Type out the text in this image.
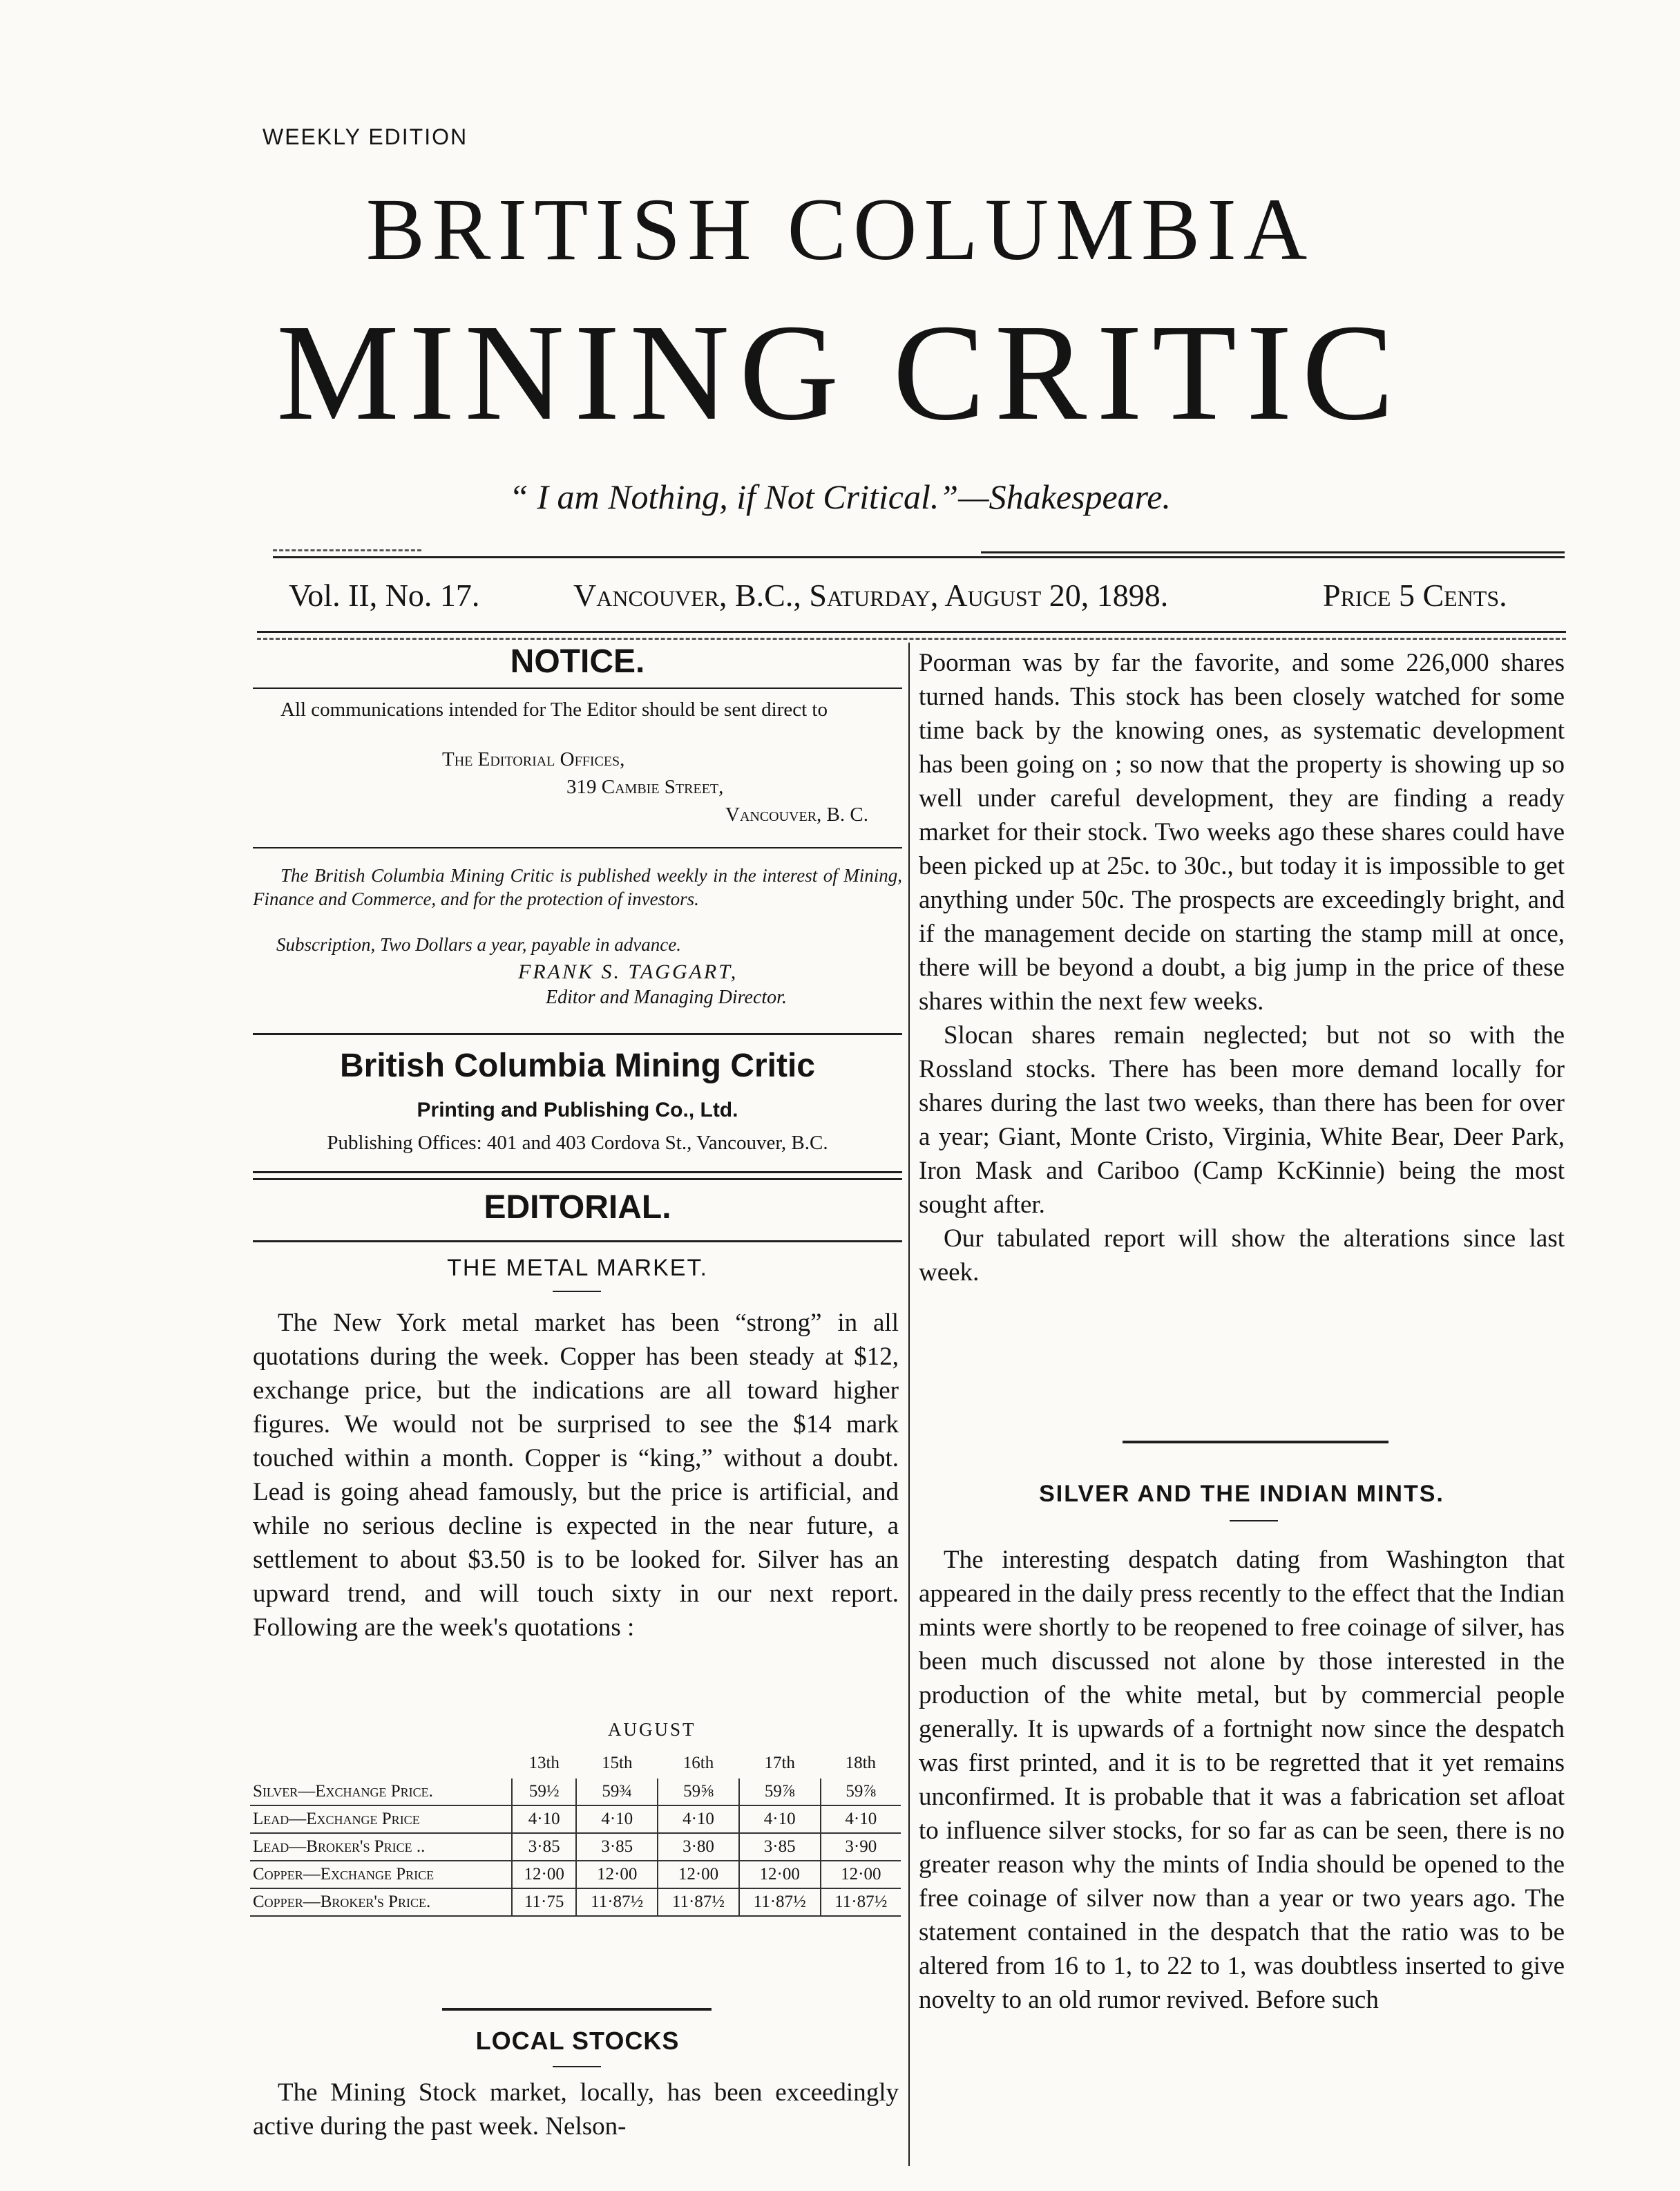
WEEKLY EDITION
BRITISH COLUMBIA
MINING CRITIC
“ I am Nothing, if Not Critical.”—Shakespeare.
Vol. II, No. 17.	Vancouver, B.C., Saturday, August 20, 1898.	Price 5 Cents.
NOTICE.
All communications intended for The Editor should be sent direct to
The Editorial Offices,
319 Cambie Street,
Vancouver, B. C.
The British Columbia Mining Critic is published weekly in the interest of Mining, Finance and Commerce, and for the protection of investors.
Subscription, Two Dollars a year, payable in advance.
FRANK S. TAGGART,
Editor and Managing Director.
British Columbia Mining Critic
Printing and Publishing Co., Ltd.
Publishing Offices: 401 and 403 Cordova St., Vancouver, B.C.
EDITORIAL.
THE METAL MARKET.

The New York metal market has been “strong” in all quotations during the week. Copper has been steady at $12, exchange price, but the indications are all toward higher figures. We would not be surprised to see the $14 mark touched within a month. Copper is “king,” without a doubt. Lead is going ahead famously, but the price is artificial, and while no serious decline is expected in the near future, a settlement to about $3.50 is to be looked for. Silver has an upward trend, and will touch sixty in our next report. Following are the week's quotations :

AUGUST
	13th	15th	16th	17th	18th
Silver—Exchange Price.	59½	59¾	59⅝	59⅞	59⅞
Lead—Exchange Price	4·10	4·10	4·10	4·10	4·10
Lead—Broker's Price ..	3·85	3·85	3·80	3·85	3·90
Copper—Exchange Price	12·00	12·00	12·00	12·00	12·00
Copper—Broker's Price.	11·75	11·87½	11·87½	11·87½	11·87½
LOCAL STOCKS

The Mining Stock market, locally, has been exceedingly active during the past week. Nelson-

Poorman was by far the favorite, and some 226,000 shares turned hands. This stock has been closely watched for some time back by the knowing ones, as systematic development has been going on ; so now that the property is showing up so well under careful development, they are finding a ready market for their stock. Two weeks ago these shares could have been picked up at 25c. to 30c., but today it is impossible to get anything under 50c. The prospects are exceedingly bright, and if the management decide on starting the stamp mill at once, there will be beyond a doubt, a big jump in the price of these shares within the next few weeks.

Slocan shares remain neglected; but not so with the Rossland stocks. There has been more demand locally for shares during the last two weeks, than there has been for over a year; Giant, Monte Cristo, Virginia, White Bear, Deer Park, Iron Mask and Cariboo (Camp KcKinnie) being the most sought after.

Our tabulated report will show the alterations since last week.

SILVER AND THE INDIAN MINTS.

The interesting despatch dating from Washington that appeared in the daily press recently to the effect that the Indian mints were shortly to be reopened to free coinage of silver, has been much discussed not alone by those interested in the production of the white metal, but by commercial people generally. It is upwards of a fortnight now since the despatch was first printed, and it is to be regretted that it yet remains unconfirmed. It is probable that it was a fabrication set afloat to influence silver stocks, for so far as can be seen, there is no greater reason why the mints of India should be opened to the free coinage of silver now than a year or two years ago. The statement contained in the despatch that the ratio was to be altered from 16 to 1, to 22 to 1, was doubtless inserted to give novelty to an old rumor revived. Before such
